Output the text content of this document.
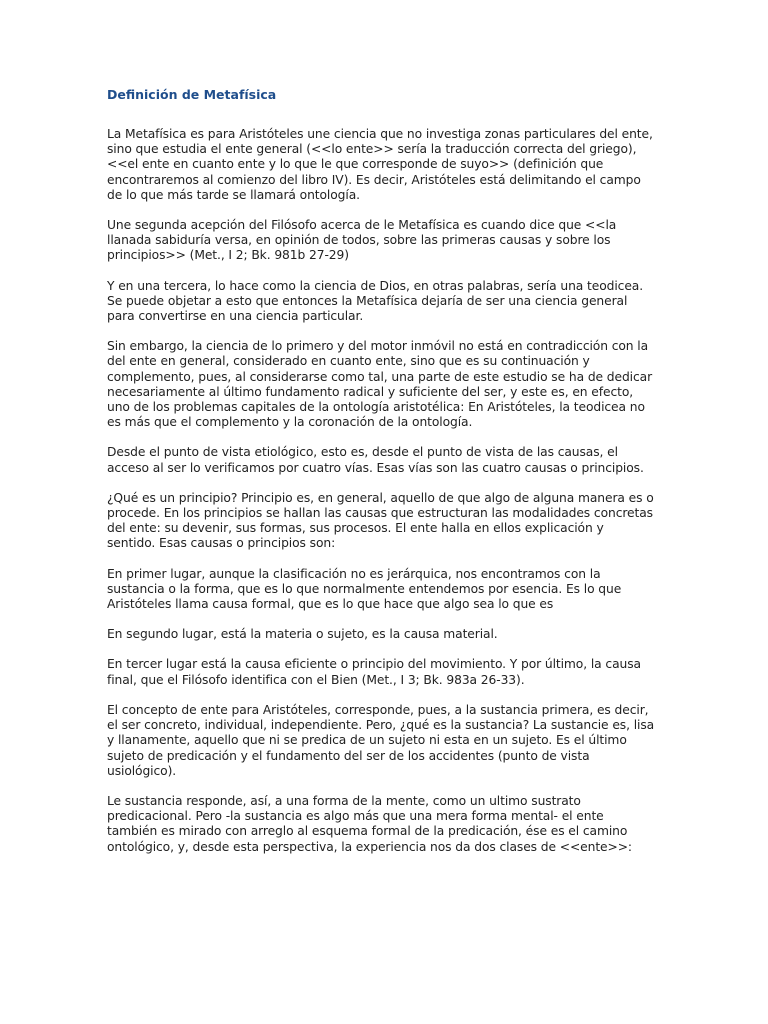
Definición de Metafísica

La Metafísica es para Aristóteles une ciencia que no investiga zonas particulares del ente, sino que estudia el ente general (<<lo ente>> sería la traducción correcta del griego), <<el ente en cuanto ente y lo que le que corresponde de suyo>> (definición que encontraremos al comienzo del libro IV). Es decir, Aristóteles está delimitando el campo de lo que más tarde se llamará ontología.

Une segunda acepción del Filósofo acerca de le Metafísica es cuando dice que <<la llanada sabiduría versa, en opinión de todos, sobre las primeras causas y sobre los principios>> (Met., I 2; Bk. 981b 27-29)

Y en una tercera, lo hace como la ciencia de Dios, en otras palabras, sería una teodicea. Se puede objetar a esto que entonces la Metafísica dejaría de ser una ciencia general para convertirse en una ciencia particular.

Sin embargo, la ciencia de lo primero y del motor inmóvil no está en contradicción con la del ente en general, considerado en cuanto ente, sino que es su continuación y complemento, pues, al considerarse como tal, una parte de este estudio se ha de dedicar necesariamente al último fundamento radical y suficiente del ser, y este es, en efecto, uno de los problemas capitales de la ontología aristotélica: En Aristóteles, la teodicea no es más que el complemento y la coronación de la ontología.

Desde el punto de vista etiológico, esto es, desde el punto de vista de las causas, el acceso al ser lo verificamos por cuatro vías. Esas vías son las cuatro causas o principios.

¿Qué es un principio? Principio es, en general, aquello de que algo de alguna manera es o procede. En los principios se hallan las causas que estructuran las modalidades concretas del ente: su devenir, sus formas, sus procesos. El ente halla en ellos explicación y sentido. Esas causas o principios son:

En primer lugar, aunque la clasificación no es jerárquica, nos encontramos con la sustancia o la forma, que es lo que normalmente entendemos por esencia. Es lo que Aristóteles llama causa formal, que es lo que hace que algo sea lo que es

En segundo lugar, está la materia o sujeto, es la causa material.

En tercer lugar está la causa eficiente o principio del movimiento. Y por último, la causa final, que el Filósofo identifica con el Bien (Met., I 3; Bk. 983a 26-33).

El concepto de ente para Aristóteles, corresponde, pues, a la sustancia primera, es decir, el ser concreto, individual, independiente. Pero, ¿qué es la sustancia? La sustancie es, lisa y llanamente, aquello que ni se predica de un sujeto ni esta en un sujeto. Es el último sujeto de predicación y el fundamento del ser de los accidentes (punto de vista usiológico).

Le sustancia responde, así, a una forma de la mente, como un ultimo sustrato predicacional. Pero -la sustancia es algo más que una mera forma mental- el ente también es mirado con arreglo al esquema formal de la predicación, ése es el camino ontológico, y, desde esta perspectiva, la experiencia nos da dos clases de <<ente>>:
